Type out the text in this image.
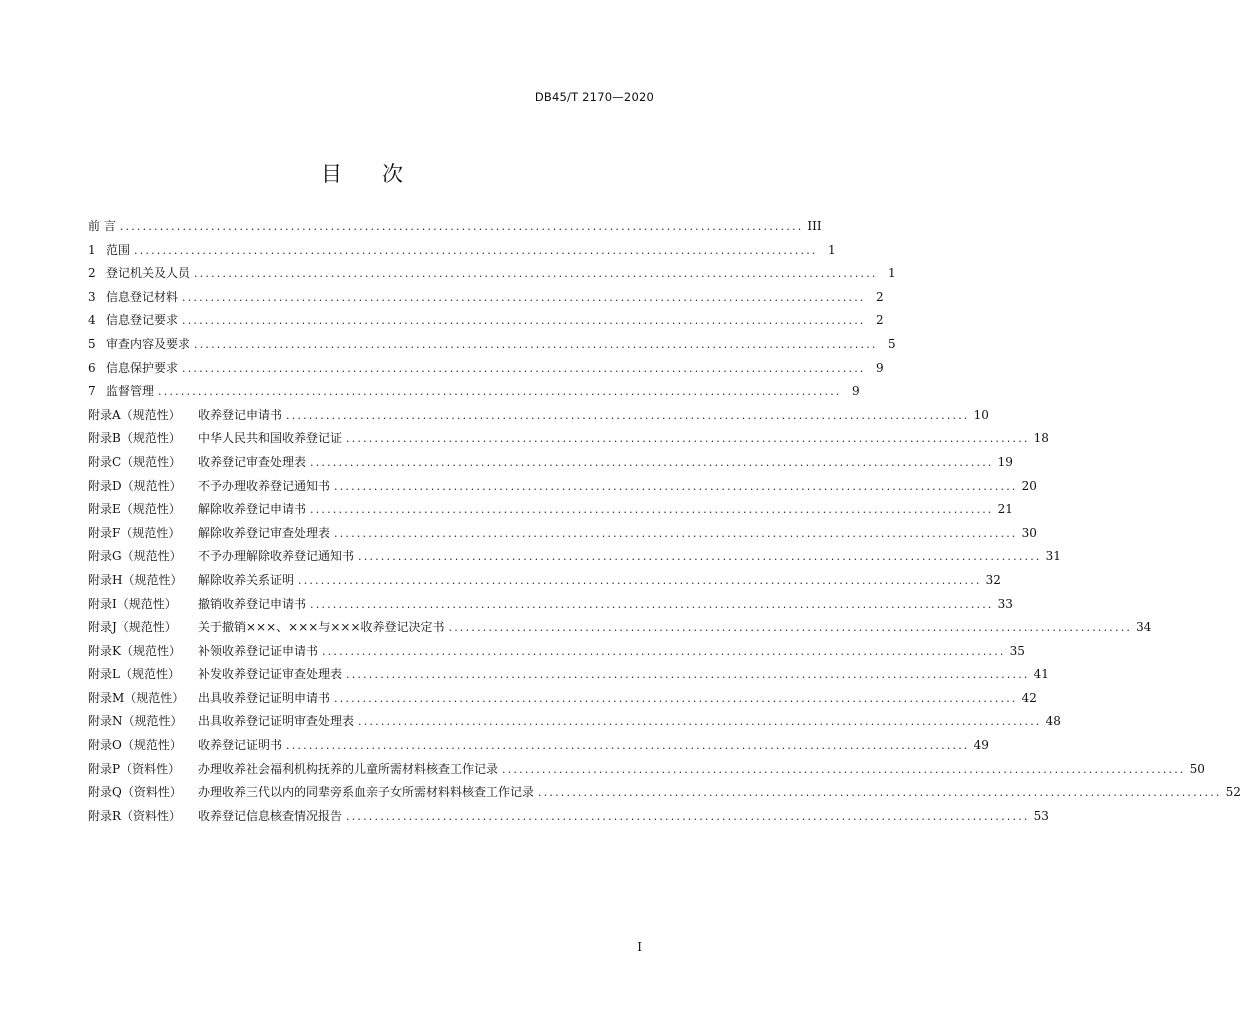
DB45/T 2170—2020
目 次
前 言 ........................................................................................................................ III
1 范围 ........................................................................................................................ 1
2 登记机关及人员 ........................................................................................................................ 1
3 信息登记材料 ........................................................................................................................ 2
4 信息登记要求 ........................................................................................................................ 2
5 审查内容及要求 ........................................................................................................................ 5
6 信息保护要求 ........................................................................................................................ 9
7 监督管理 ........................................................................................................................ 9
附录A（规范性）	收养登记申请书 ........................................................................................................................ 10
附录B（规范性）	中华人民共和国收养登记证 ........................................................................................................................ 18
附录C（规范性）	收养登记审查处理表 ........................................................................................................................ 19
附录D（规范性）	不予办理收养登记通知书 ........................................................................................................................ 20
附录E（规范性）	解除收养登记申请书 ........................................................................................................................ 21
附录F（规范性）	解除收养登记审查处理表 ........................................................................................................................ 30
附录G（规范性）	不予办理解除收养登记通知书 ........................................................................................................................ 31
附录H（规范性）	解除收养关系证明 ........................................................................................................................ 32
附录I（规范性）	撤销收养登记申请书 ........................................................................................................................ 33
附录J（规范性）	关于撤销×××、×××与×××收养登记决定书 ........................................................................................................................ 34
附录K（规范性）	补领收养登记证申请书 ........................................................................................................................ 35
附录L（规范性）	补发收养登记证审查处理表 ........................................................................................................................ 41
附录M（规范性）	出具收养登记证明申请书 ........................................................................................................................ 42
附录N（规范性）	出具收养登记证明审查处理表 ........................................................................................................................ 48
附录O（规范性）	收养登记证明书 ........................................................................................................................ 49
附录P（资料性）	办理收养社会福利机构抚养的儿童所需材料核查工作记录 ........................................................................................................................ 50
附录Q（资料性）	办理收养三代以内的同辈旁系血亲子女所需材料料核查工作记录 ........................................................................................................................ 52
附录R（资料性）	收养登记信息核查情况报告 ........................................................................................................................ 53
I
